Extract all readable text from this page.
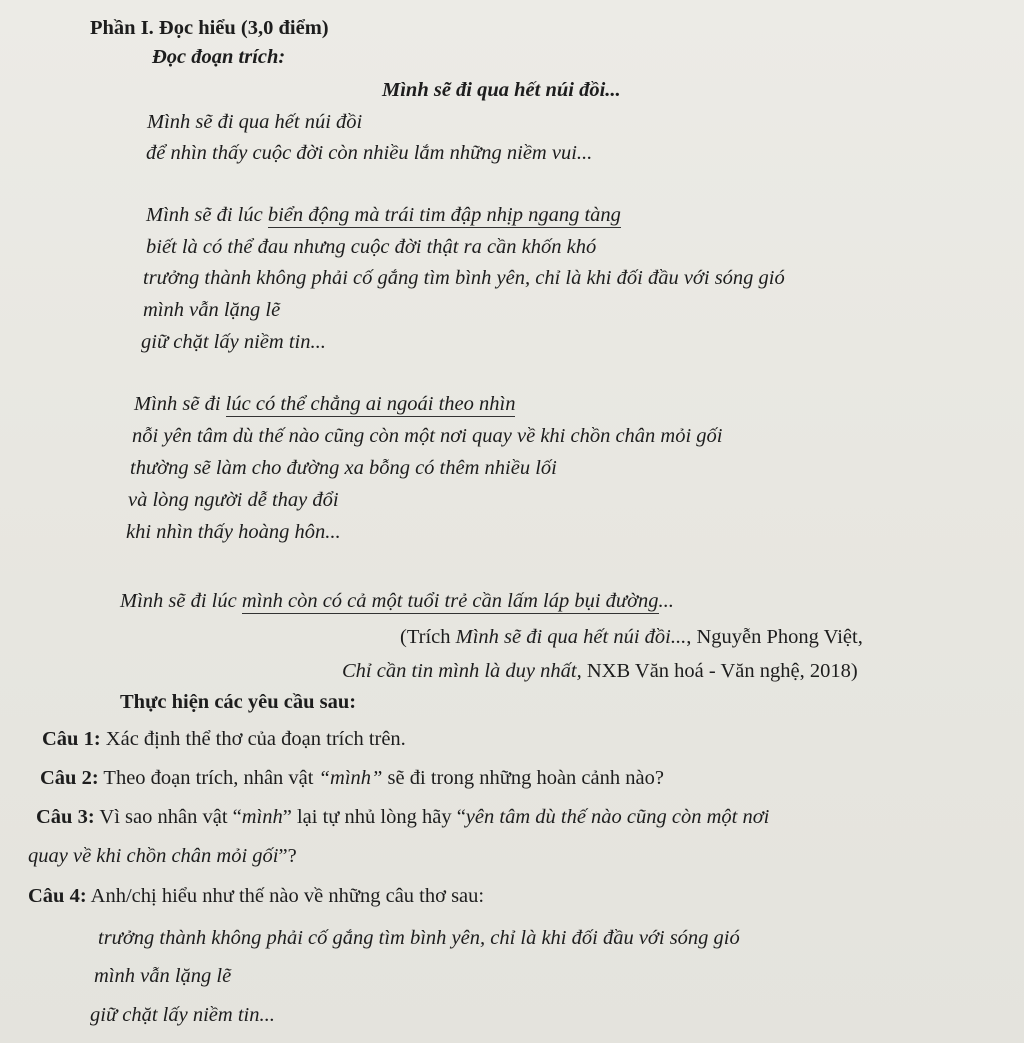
Phần I. Đọc hiểu (3,0 điểm)
Đọc đoạn trích:
Mình sẽ đi qua hết núi đồi...
Mình sẽ đi qua hết núi đồi
để nhìn thấy cuộc đời còn nhiều lắm những niềm vui...
Mình sẽ đi lúc biển động mà trái tim đập nhịp ngang tàng
biết là có thể đau nhưng cuộc đời thật ra cần khốn khó
trưởng thành không phải cố gắng tìm bình yên, chỉ là khi đối đầu với sóng gió
mình vẫn lặng lẽ
giữ chặt lấy niềm tin...
Mình sẽ đi lúc có thể chẳng ai ngoái theo nhìn
nỗi yên tâm dù thế nào cũng còn một nơi quay về khi chồn chân mỏi gối
thường sẽ làm cho đường xa bỗng có thêm nhiều lối
và lòng người dễ thay đổi
khi nhìn thấy hoàng hôn...
Mình sẽ đi lúc mình còn có cả một tuổi trẻ cần lấm láp bụi đường...
(Trích Mình sẽ đi qua hết núi đồi..., Nguyễn Phong Việt,
Chỉ cần tin mình là duy nhất, NXB Văn hoá - Văn nghệ, 2018)
Thực hiện các yêu cầu sau:
Câu 1: Xác định thể thơ của đoạn trích trên.
Câu 2: Theo đoạn trích, nhân vật “mình” sẽ đi trong những hoàn cảnh nào?
Câu 3: Vì sao nhân vật “mình” lại tự nhủ lòng hãy “yên tâm dù thế nào cũng còn một nơi
quay về khi chồn chân mỏi gối”?
Câu 4: Anh/chị hiểu như thế nào về những câu thơ sau:
trưởng thành không phải cố gắng tìm bình yên, chỉ là khi đối đầu với sóng gió
mình vẫn lặng lẽ
giữ chặt lấy niềm tin...
